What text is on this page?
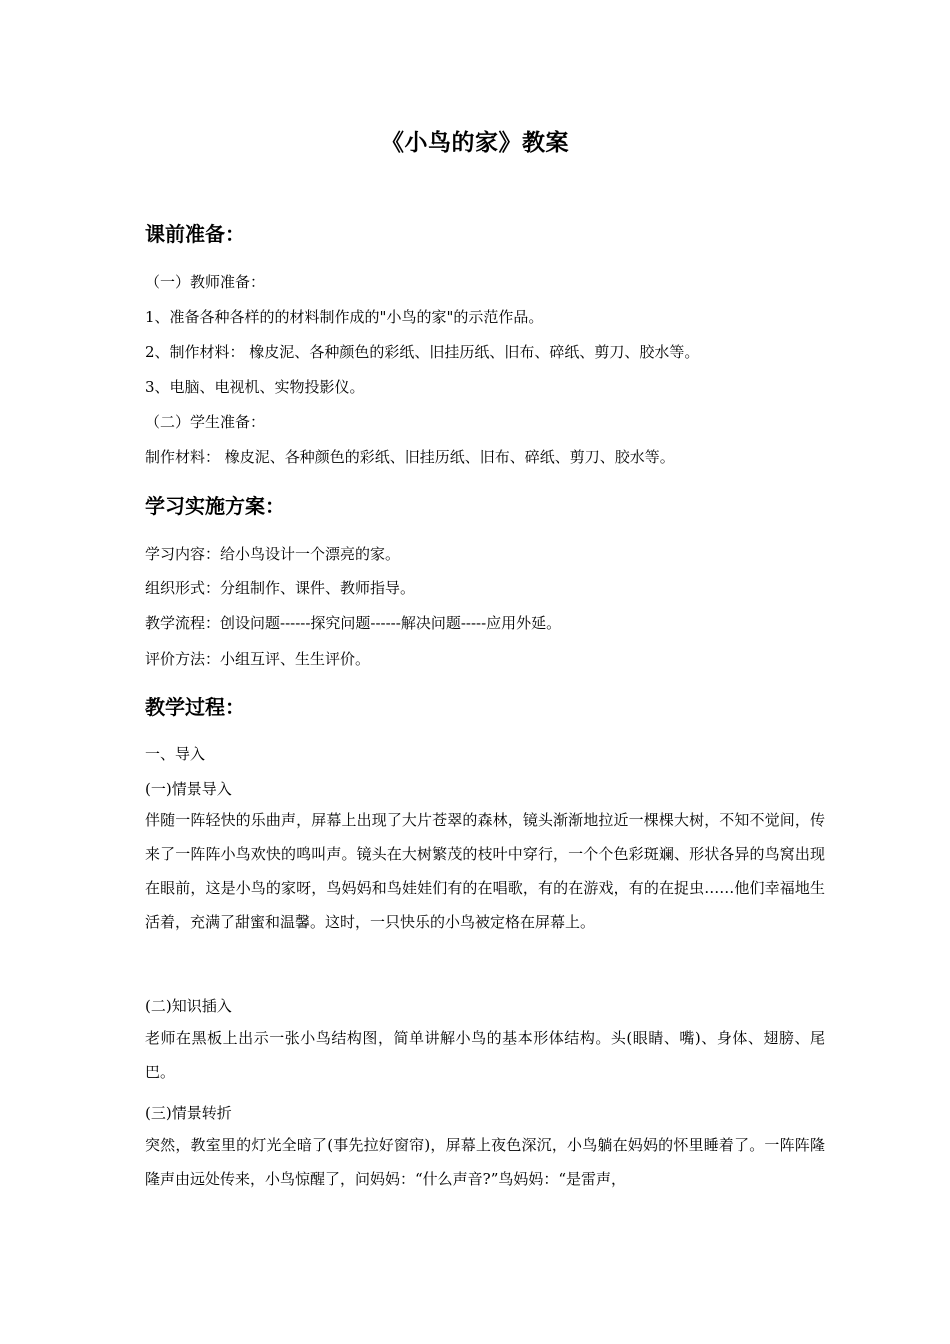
《小鸟的家》教案
课前准备：

（一）教师准备：

1、准备各种各样的的材料制作成的"小鸟的家"的示范作品。

2、制作材料： 橡皮泥、各种颜色的彩纸、旧挂历纸、旧布、碎纸、剪刀、胶水等。

3、电脑、电视机、实物投影仪。

（二）学生准备：

制作材料： 橡皮泥、各种颜色的彩纸、旧挂历纸、旧布、碎纸、剪刀、胶水等。

学习实施方案：

学习内容：给小鸟设计一个漂亮的家。

组织形式：分组制作、课件、教师指导。

教学流程：创设问题------探究问题------解决问题-----应用外延。

评价方法：小组互评、生生评价。

教学过程：

一、导入

(一)情景导入

伴随一阵轻快的乐曲声，屏幕上出现了大片苍翠的森林，镜头渐渐地拉近一棵棵大树，不知不觉间，传来了一阵阵小鸟欢快的鸣叫声。镜头在大树繁茂的枝叶中穿行，一个个色彩斑斓、形状各异的鸟窝出现在眼前，这是小鸟的家呀，鸟妈妈和鸟娃娃们有的在唱歌，有的在游戏，有的在捉虫……他们幸福地生活着，充满了甜蜜和温馨。这时，一只快乐的小鸟被定格在屏幕上。

(二)知识插入

老师在黑板上出示一张小鸟结构图，简单讲解小鸟的基本形体结构。头(眼睛、嘴)、身体、翅膀、尾巴。

(三)情景转折

突然，教室里的灯光全暗了(事先拉好窗帘)，屏幕上夜色深沉，小鸟躺在妈妈的怀里睡着了。一阵阵隆隆声由远处传来，小鸟惊醒了，问妈妈：“什么声音?”鸟妈妈：“是雷声，
